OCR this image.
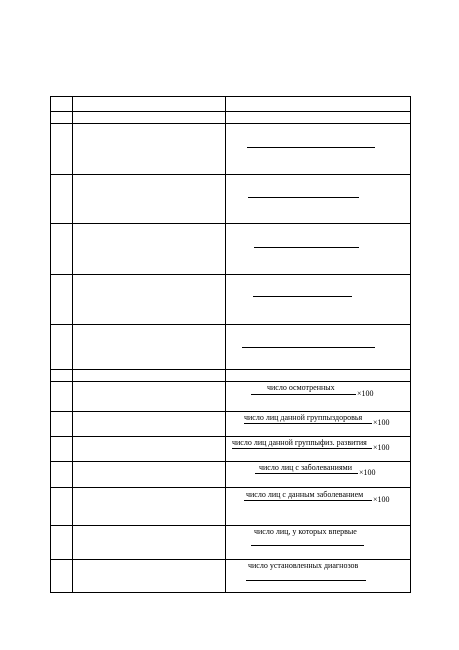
число осмотренных
×100
число лиц данной группыздоровья
×100
число лиц данной группыфиз. развития
×100
число лиц с заболеваниями
×100
число лиц с данным заболеванием
×100
число лиц, у которых впервые
число установленных диагнозов
